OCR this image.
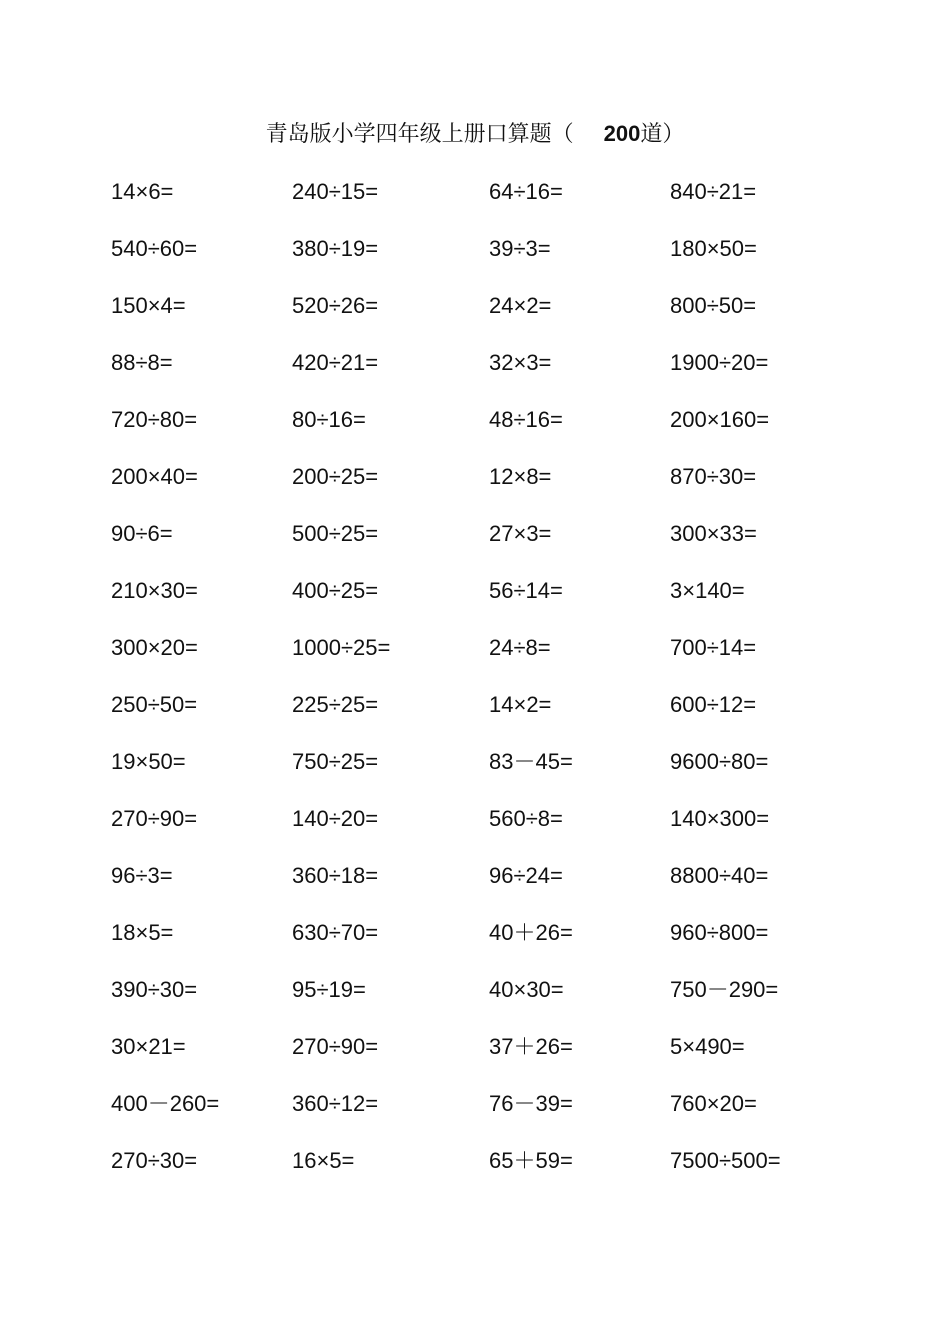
青岛版小学四年级上册口算题（ 200道）
14×6=	240÷15=	64÷16=	840÷21=
540÷60=	380÷19=	39÷3=	180×50=
150×4=	520÷26=	24×2=	800÷50=
88÷8=	420÷21=	32×3=	1900÷20=
720÷80=	80÷16=	48÷16=	200×160=
200×40=	200÷25=	12×8=	870÷30=
90÷6=	500÷25=	27×3=	300×33=
210×30=	400÷25=	56÷14=	3×140=
300×20=	1000÷25=	24÷8=	700÷14=
250÷50=	225÷25=	14×2=	600÷12=
19×50=	750÷25=	83－45=	9600÷80=
270÷90=	140÷20=	560÷8=	140×300=
96÷3=	360÷18=	96÷24=	8800÷40=
18×5=	630÷70=	40＋26=	960÷800=
390÷30=	95÷19=	40×30=	750－290=
30×21=	270÷90=	37＋26=	5×490=
400－260=	360÷12=	76－39=	760×20=
270÷30=	16×5=	65＋59=	7500÷500=
